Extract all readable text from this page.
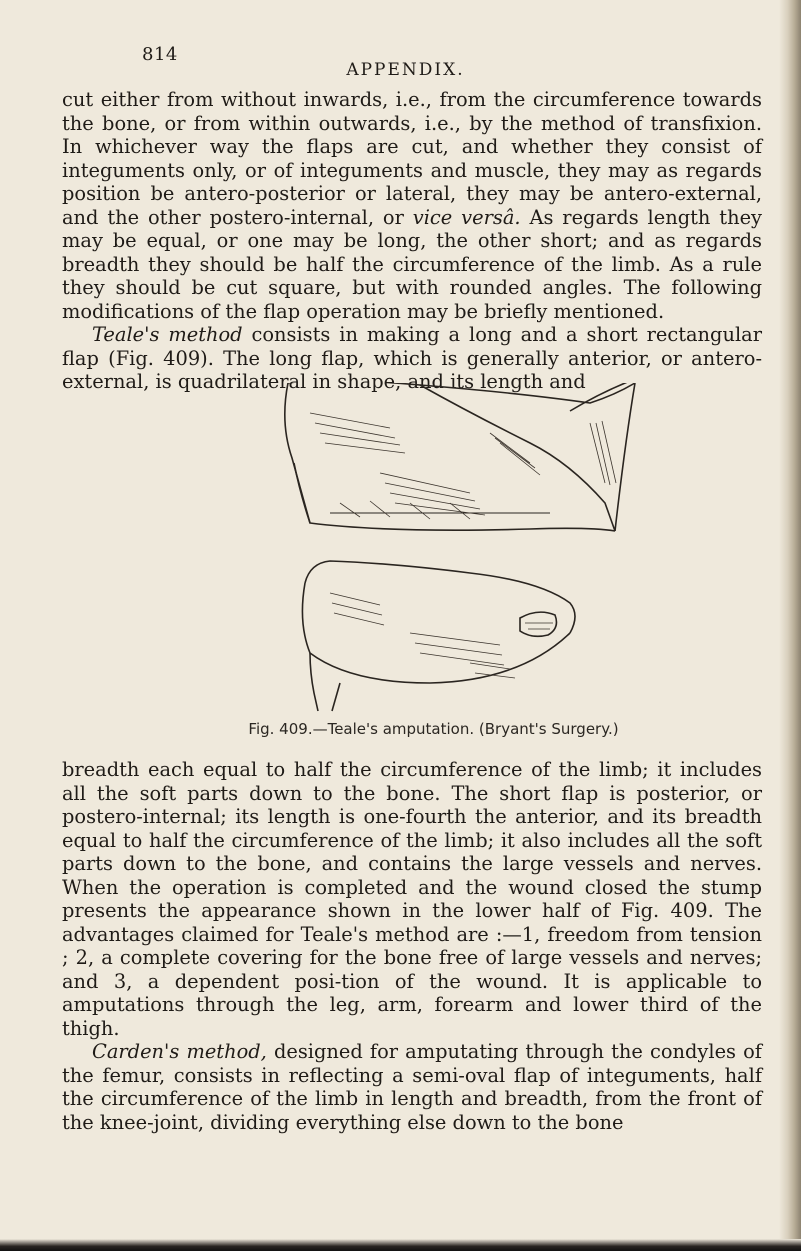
814
APPENDIX.

cut either from without inwards, i.e., from the circumference towards the bone, or from within outwards, i.e., by the method of transfixion. In whichever way the flaps are cut, and whether they consist of integuments only, or of integuments and muscle, they may as regards position be antero-posterior or lateral, they may be antero-external, and the other postero-internal, or vice versâ. As regards length they may be equal, or one may be long, the other short; and as regards breadth they should be half the circumference of the limb. As a rule they should be cut square, but with rounded angles. The following modifications of the flap operation may be briefly mentioned.

Teale's method consists in making a long and a short rectangular flap (Fig. 409). The long flap, which is generally anterior, or antero-external, is quadrilateral in shape, and its length and

Fig. 409.—Teale's amputation. (Bryant's Surgery.)

breadth each equal to half the circumference of the limb; it includes all the soft parts down to the bone. The short flap is posterior, or postero-internal; its length is one-fourth the anterior, and its breadth equal to half the circumference of the limb; it also includes all the soft parts down to the bone, and contains the large vessels and nerves. When the operation is completed and the wound closed the stump presents the appearance shown in the lower half of Fig. 409. The advantages claimed for Teale's method are :—1, freedom from tension ; 2, a complete covering for the bone free of large vessels and nerves; and 3, a dependent posi-tion of the wound. It is applicable to amputations through the leg, arm, forearm and lower third of the thigh.

Carden's method, designed for amputating through the condyles of the femur, consists in reflecting a semi-oval flap of integuments, half the circumference of the limb in length and breadth, from the front of the knee-joint, dividing everything else down to the bone
